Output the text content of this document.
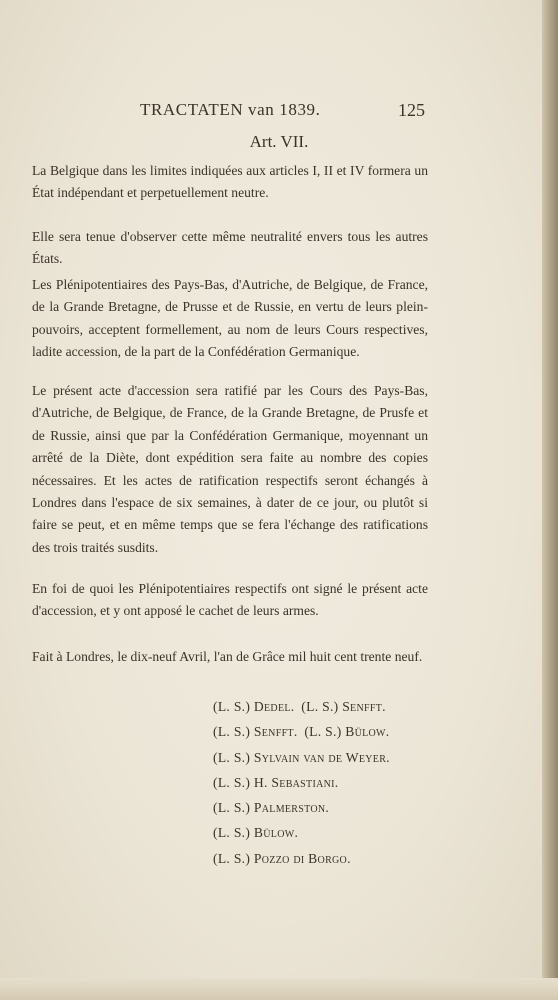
TRACTATEN van 1839.	125
Art. VII.
La Belgique dans les limites indiquées aux articles I, II et IV formera un État indépendant et perpetuellement neutre.
Elle sera tenue d'observer cette même neutralité envers tous les autres États.
Les Plénipotentiaires des Pays-Bas, d'Autriche, de Belgique, de France, de la Grande Bretagne, de Prusse et de Russie, en vertu de leurs plein-pouvoirs, acceptent formellement, au nom de leurs Cours respectives, ladite accession, de la part de la Confédération Germanique.
Le présent acte d'accession sera ratifié par les Cours des Pays-Bas, d'Autriche, de Belgique, de France, de la Grande Bretagne, de Prusfe et de Russie, ainsi que par la Confédération Germanique, moyennant un arrêté de la Diète, dont expédition sera faite au nombre des copies nécessaires. Et les actes de ratification respectifs seront échangés à Londres dans l'espace de six semaines, à dater de ce jour, ou plutôt si faire se peut, et en même temps que se fera l'échange des ratifications des trois traités susdits.
En foi de quoi les Plénipotentiaires respectifs ont signé le présent acte d'accession, et y ont apposé le cachet de leurs armes.
Fait à Londres, le dix-neuf Avril, l'an de Grâce mil huit cent trente neuf.
(L. S.) Dedel. (L. S.) Senfft.
(L. S.) Senfft. (L. S.) Bülow.
(L. S.) Sylvain van de Weyer.
(L. S.) H. Sebastiani.
(L. S.) Palmerston.
(L. S.) Bülow.
(L. S.) Pozzo di Borgo.
